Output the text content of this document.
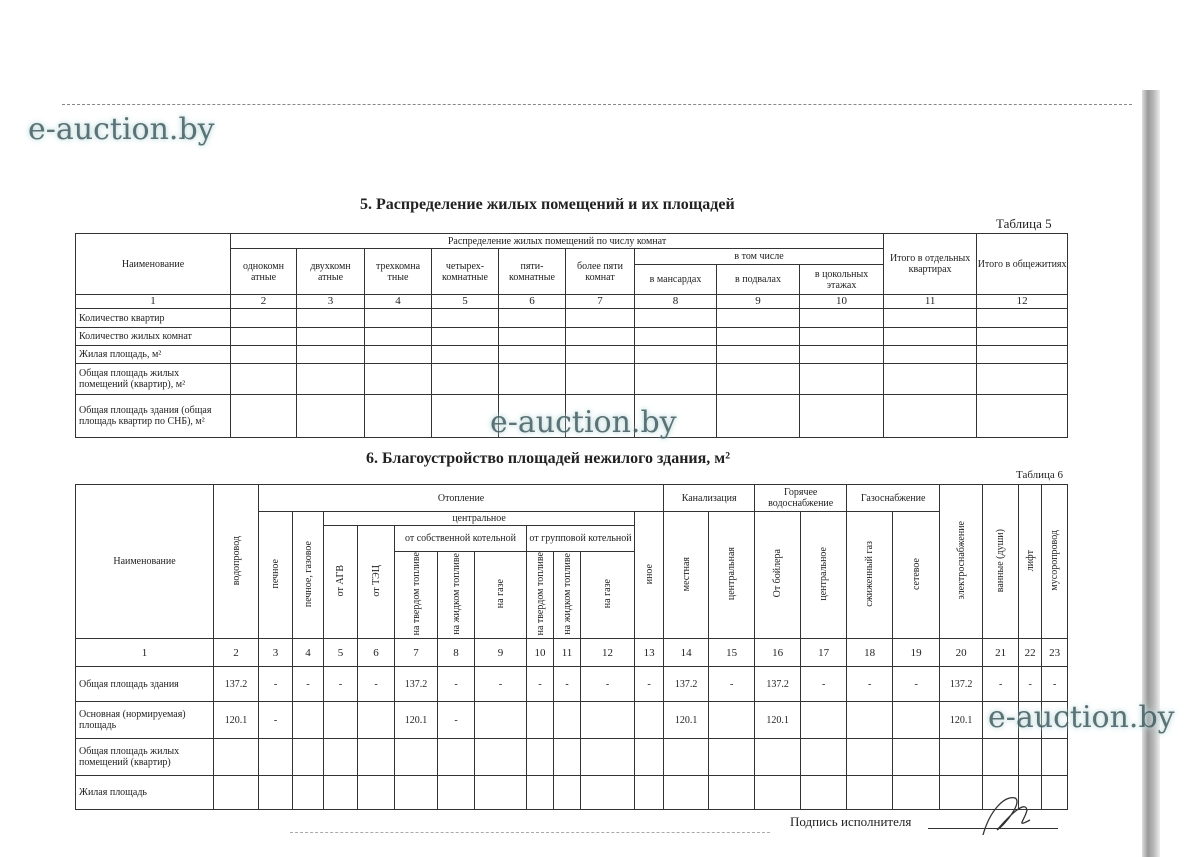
5. Распределение жилых помещений и их площадей
Таблица 5
Наименование	Распределение жилых помещений по числу комнат									Итого в отдельных квартирах	Итого в общежитиях
	однокомн атные	двухкомн атные	трехкомна тные	четырех- комнатные	пяти- комнатные	более пяти комнат	в том числе				
							в мансардах	в подвалах	в цокольных этажах		
1	2	3	4	5	6	7	8	9	10	11	12
Количество квартир											
Количество жилых комнат											
Жилая площадь, м²											
Общая площадь жилых помещений (квартир), м²											
Общая площадь здания (общая площадь квартир по СНБ), м²											
6. Благоустройство площадей нежилого здания, м²
Таблица 6
Наименование	водопровод	Отопление											Канализация		Горячее водоснабжение		Газоснабжение		электроснабжение	ванные (души)	лифт	мусоропровод
		печное	печное, газовое	центральное								иное	местная	центральная	От бойлера	центральное	сжиженный газ	сетевое				
				от АГВ	от ТЭЦ	от собственной котельной			от групповой котельной													
						на твердом топливе	на жидком топливе	на газе	на твердом топливе	на жидком топливе	на газе											
1	2	3	4	5	6	7	8	9	10	11	12	13	14	15	16	17	18	19	20	21	22	23
Общая площадь здания	137.2	-	-	-	-	137.2	-	-	-	-	-	-	137.2	-	137.2	-	-	-	137.2	-	-	-
Основная (нормируемая) площадь	120.1	-				120.1	-						120.1		120.1				120.1			
Общая площадь жилых помещений (квартир)																						
Жилая площадь																						
e-auction.by
e-auction.by
e-auction.by
Подпись исполнителя
